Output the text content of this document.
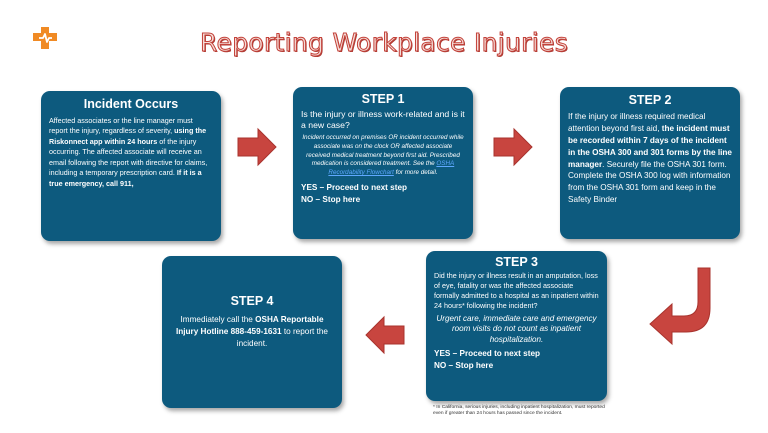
Reporting Workplace Injuries
Incident Occurs

Affected associates or the line manager must report the injury, regardless of severity, using the Riskonnect app within 24 hours of the injury occurring. The affected associate will receive an email following the report with directive for claims, including a temporary prescription card. If it is a true emergency, call 911,

STEP 1
Is the injury or illness work-related and is it a new case?
Incident occurred on premises OR incident occurred while associate was on the clock OR affected associate received medical treatment beyond first aid. Prescribed medication is considered treatment. See the OSHA Recordability Flowchart for more detail.
YES – Proceed to next step
NO – Stop here
STEP 2

If the injury or illness required medical attention beyond first aid, the incident must be recorded within 7 days of the incident in the OSHA 300 and 301 forms by the line manager. Securely file the OSHA 301 form. Complete the OSHA 300 log with information from the OSHA 301 form and keep in the Safety Binder

STEP 3
Did the injury or illness result in an amputation, loss of eye, fatality or was the affected associate formally admitted to a hospital as an inpatient within 24 hours* following the incident?
Urgent care, immediate care and emergency room visits do not count as inpatient hospitalization.
YES – Proceed to next step
NO – Stop here
STEP 4

Immediately call the OSHA Reportable Injury Hotline 888-459-1631 to report the incident.

* In California, serious injuries, including inpatient hospitalization, must reported even if greater than 24 hours has passed since the incident.
